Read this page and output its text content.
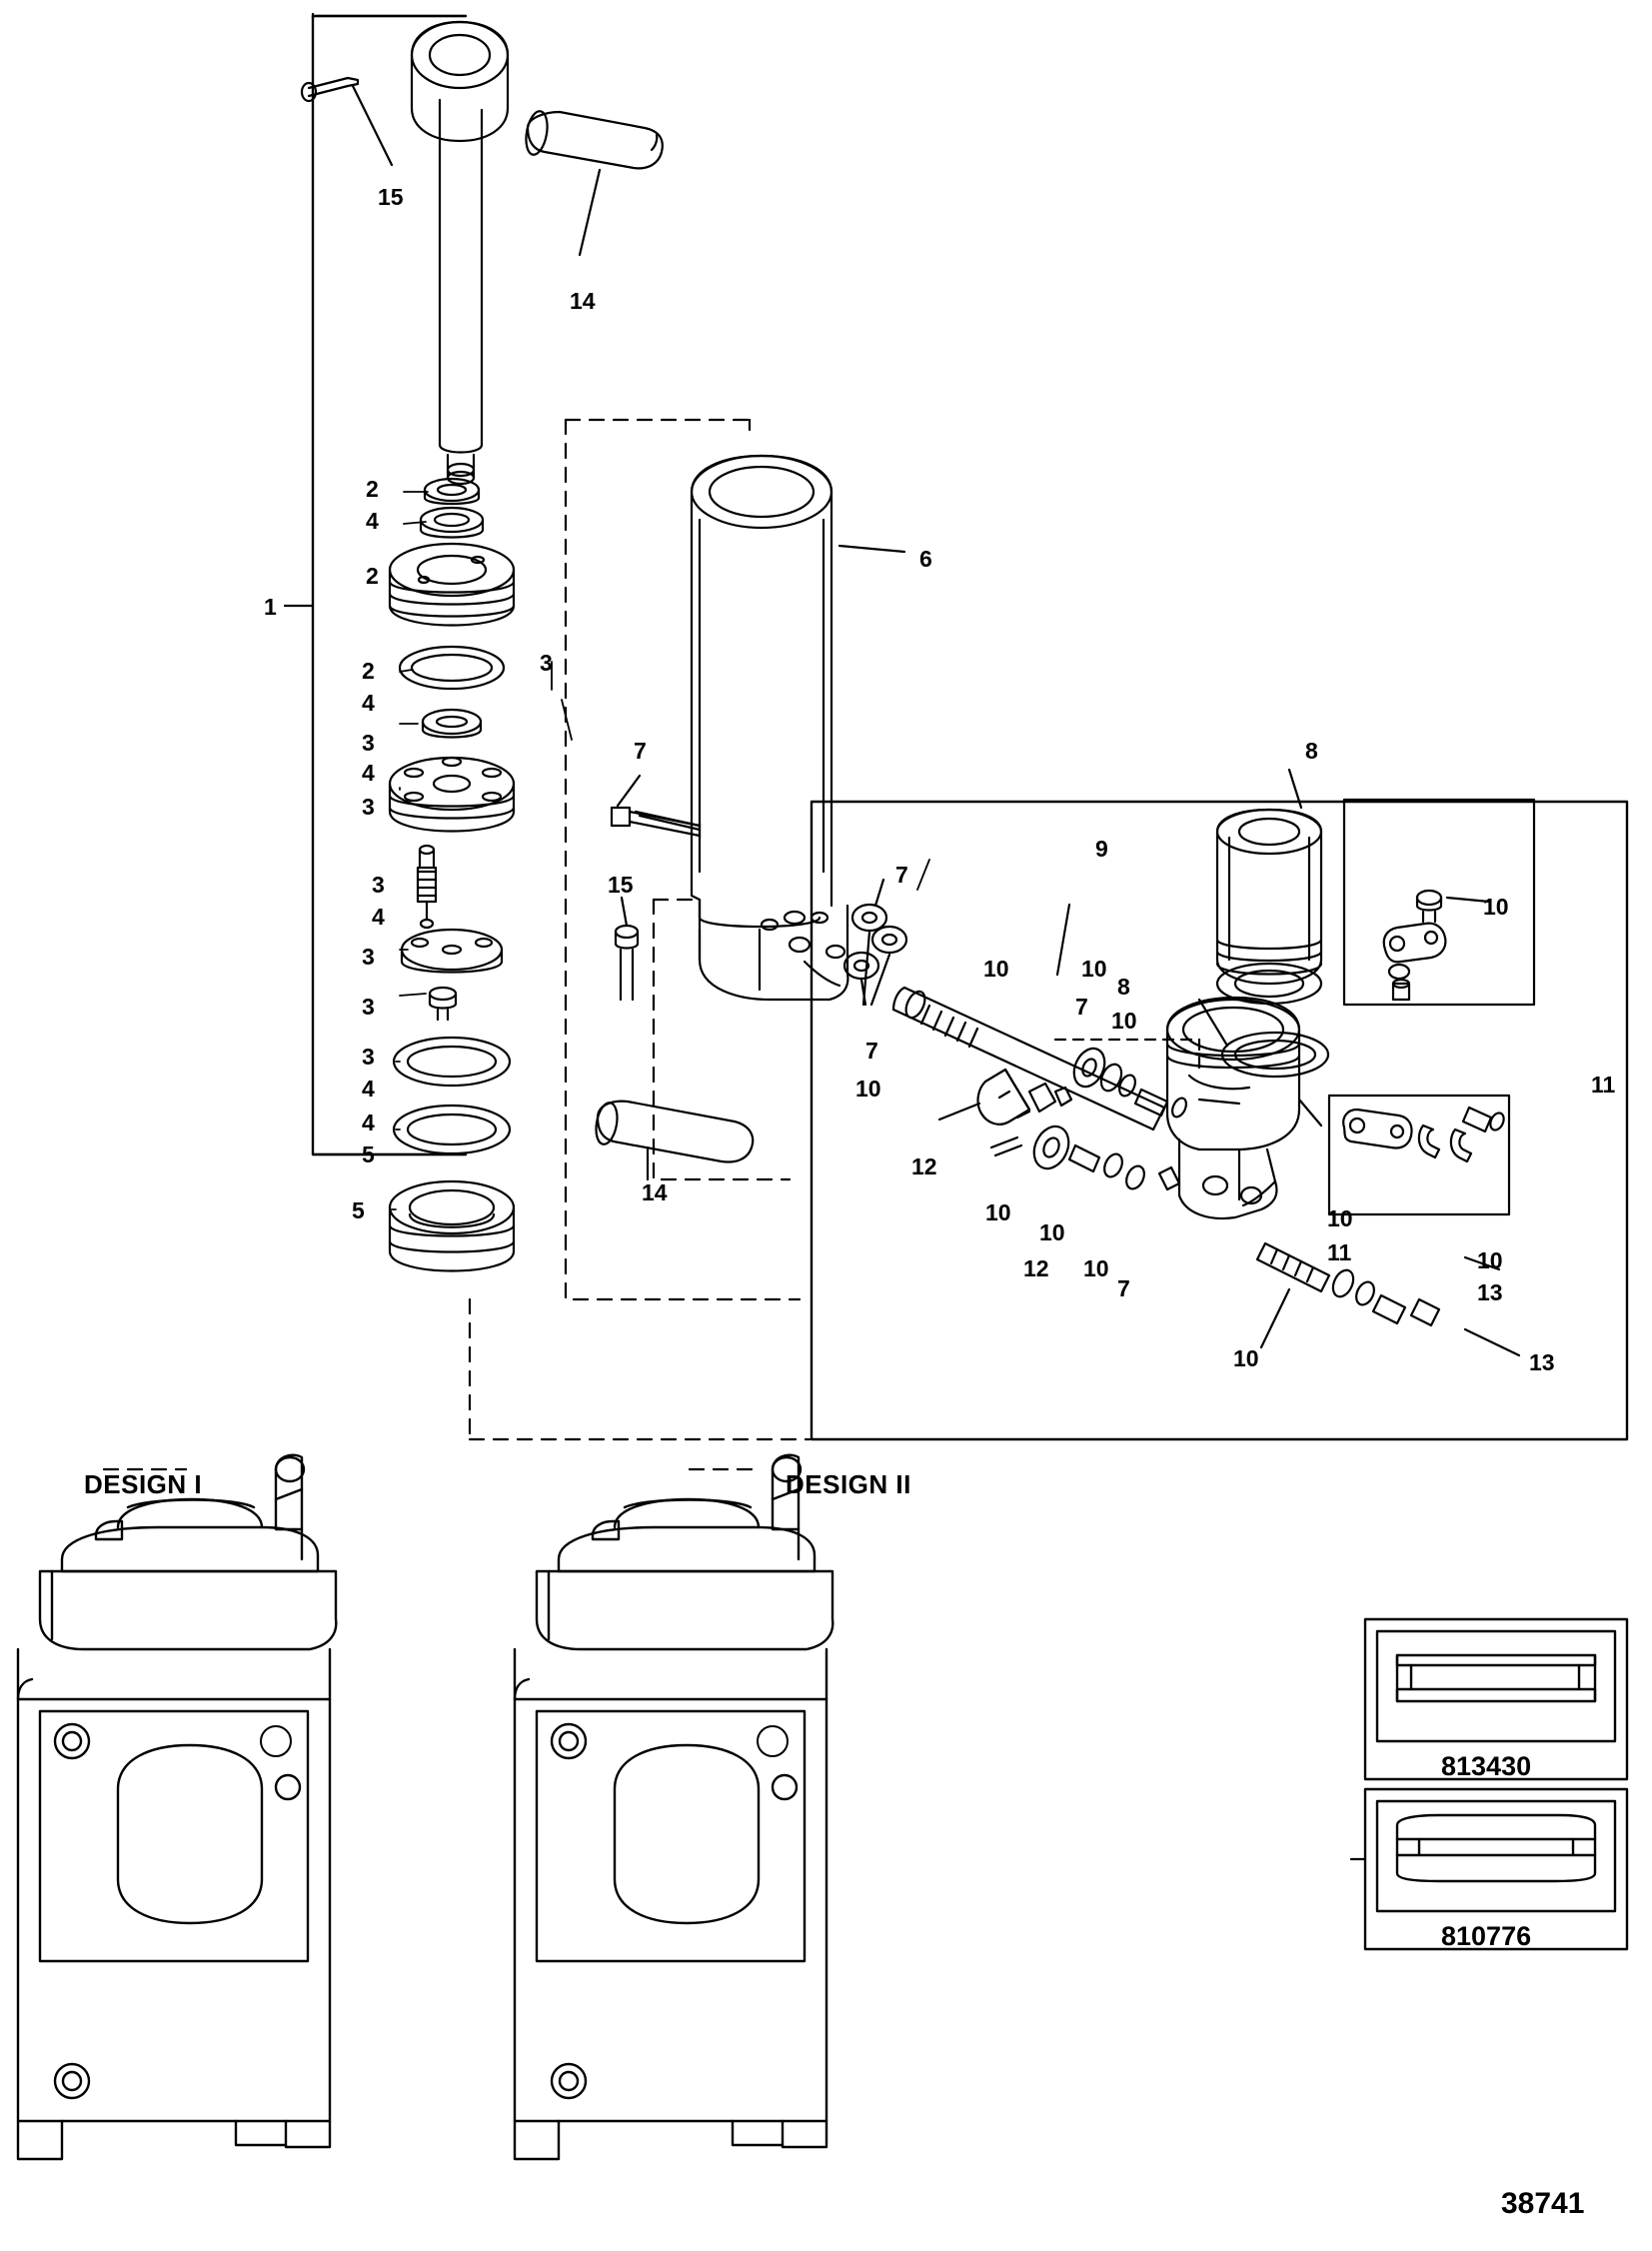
15
14
2
4
2
1
2
4
3
3
4
3
3
4
3
3
3
4
4
5
5
6
7
15
14
7
7
10
9
8
10	10
7
8
10
10
11
12
10
10
12 10
7
10
11	10
13
10	13
DESIGN I	DESIGN II
813430
810776
38741
